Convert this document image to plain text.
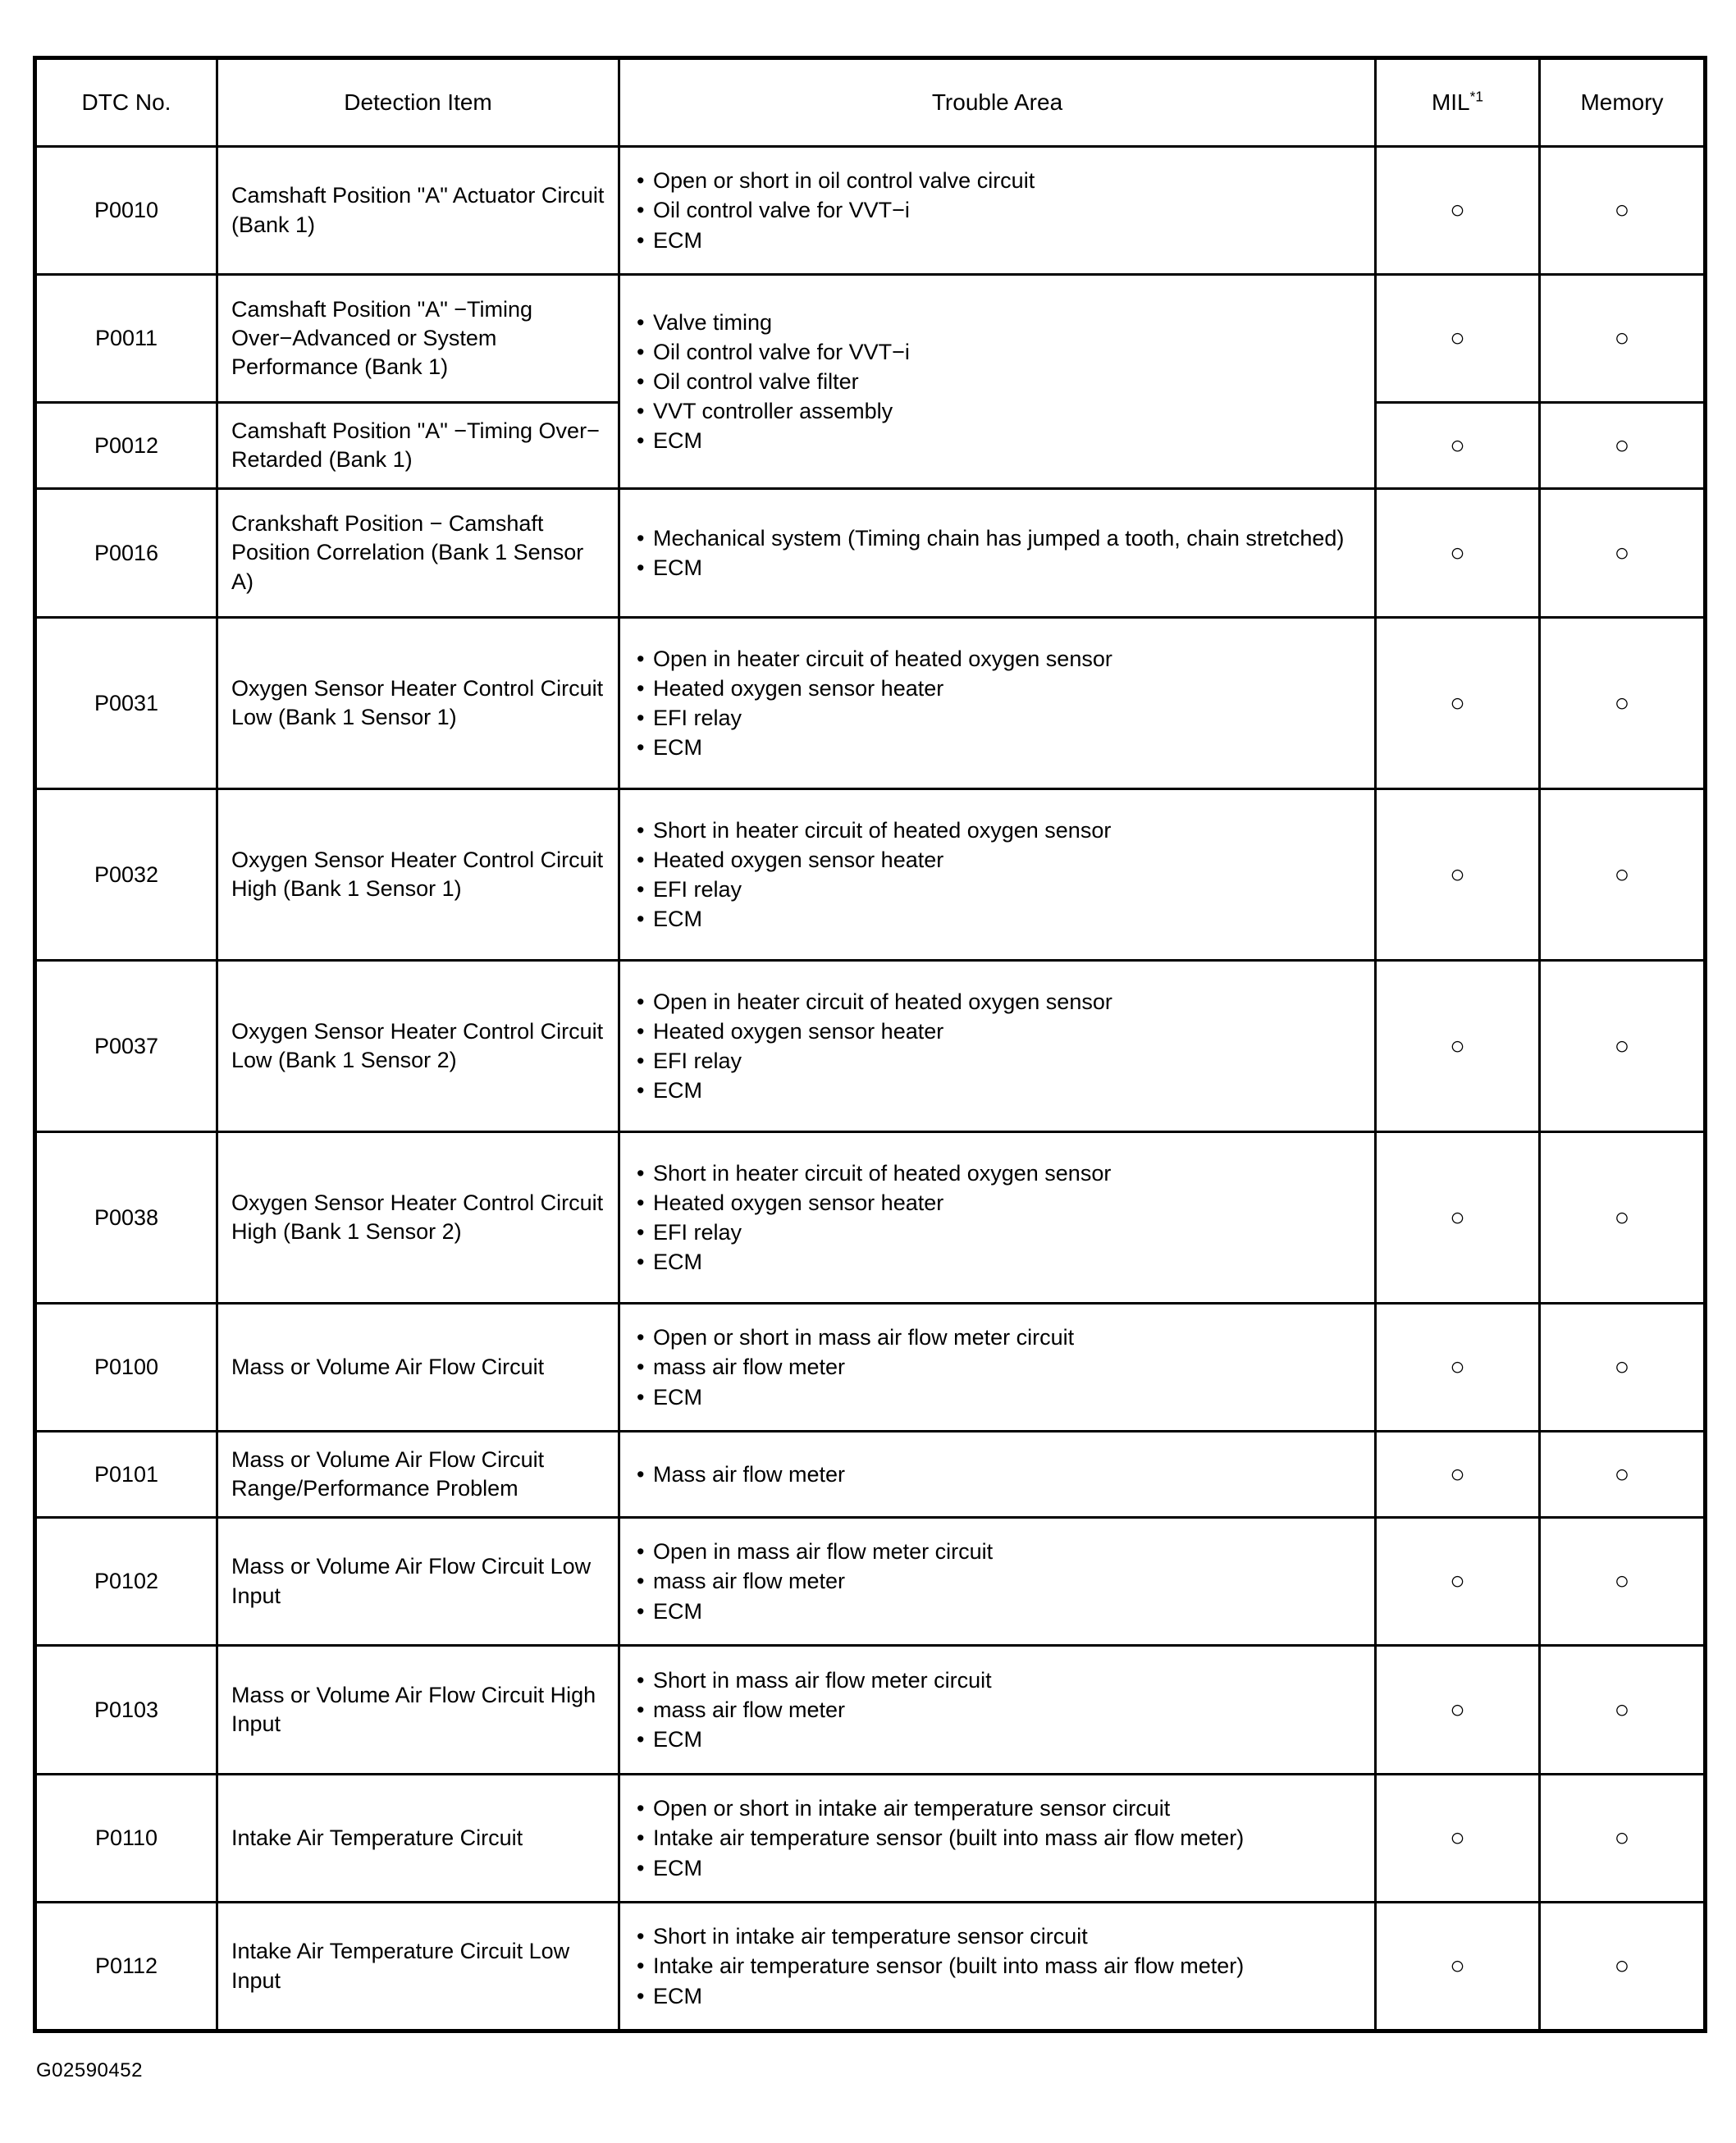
DTC No.	Detection Item	Trouble Area	MIL$^{*1}$	Memory
P0010	Camshaft Position "A" Actuator Circuit (Bank 1)	• Open or short in oil control valve circuit
• Oil control valve for VVT−i
• ECM	○	○
P0011	Camshaft Position "A" −Timing Over−Advanced or System Performance (Bank 1)	• Valve timing
• Oil control valve for VVT−i
• Oil control valve filter
• VVT controller assembly
• ECM	○	○
P0012	Camshaft Position "A" −Timing Over− Retarded (Bank 1)		○	○
P0016	Crankshaft Position − Camshaft Position Correlation (Bank 1 Sensor A)	• Mechanical system (Timing chain has jumped a tooth, chain stretched)
• ECM	○	○
P0031	Oxygen Sensor Heater Control Circuit Low (Bank 1 Sensor 1)	• Open in heater circuit of heated oxygen sensor
• Heated oxygen sensor heater
• EFI relay
• ECM	○	○
P0032	Oxygen Sensor Heater Control Circuit High (Bank 1 Sensor 1)	• Short in heater circuit of heated oxygen sensor
• Heated oxygen sensor heater
• EFI relay
• ECM	○	○
P0037	Oxygen Sensor Heater Control Circuit Low (Bank 1 Sensor 2)	• Open in heater circuit of heated oxygen sensor
• Heated oxygen sensor heater
• EFI relay
• ECM	○	○
P0038	Oxygen Sensor Heater Control Circuit High (Bank 1 Sensor 2)	• Short in heater circuit of heated oxygen sensor
• Heated oxygen sensor heater
• EFI relay
• ECM	○	○
P0100	Mass or Volume Air Flow Circuit	• Open or short in mass air flow meter circuit
• mass air flow meter
• ECM	○	○
P0101	Mass or Volume Air Flow Circuit Range/Performance Problem	• Mass air flow meter	○	○
P0102	Mass or Volume Air Flow Circuit Low Input	• Open in mass air flow meter circuit
• mass air flow meter
• ECM	○	○
P0103	Mass or Volume Air Flow Circuit High Input	• Short in mass air flow meter circuit
• mass air flow meter
• ECM	○	○
P0110	Intake Air Temperature Circuit	• Open or short in intake air temperature sensor circuit
• Intake air temperature sensor (built into mass air flow meter)
• ECM	○	○
P0112	Intake Air Temperature Circuit Low Input	• Short in intake air temperature sensor circuit
• Intake air temperature sensor (built into mass air flow meter)
• ECM	○	○
G02590452
